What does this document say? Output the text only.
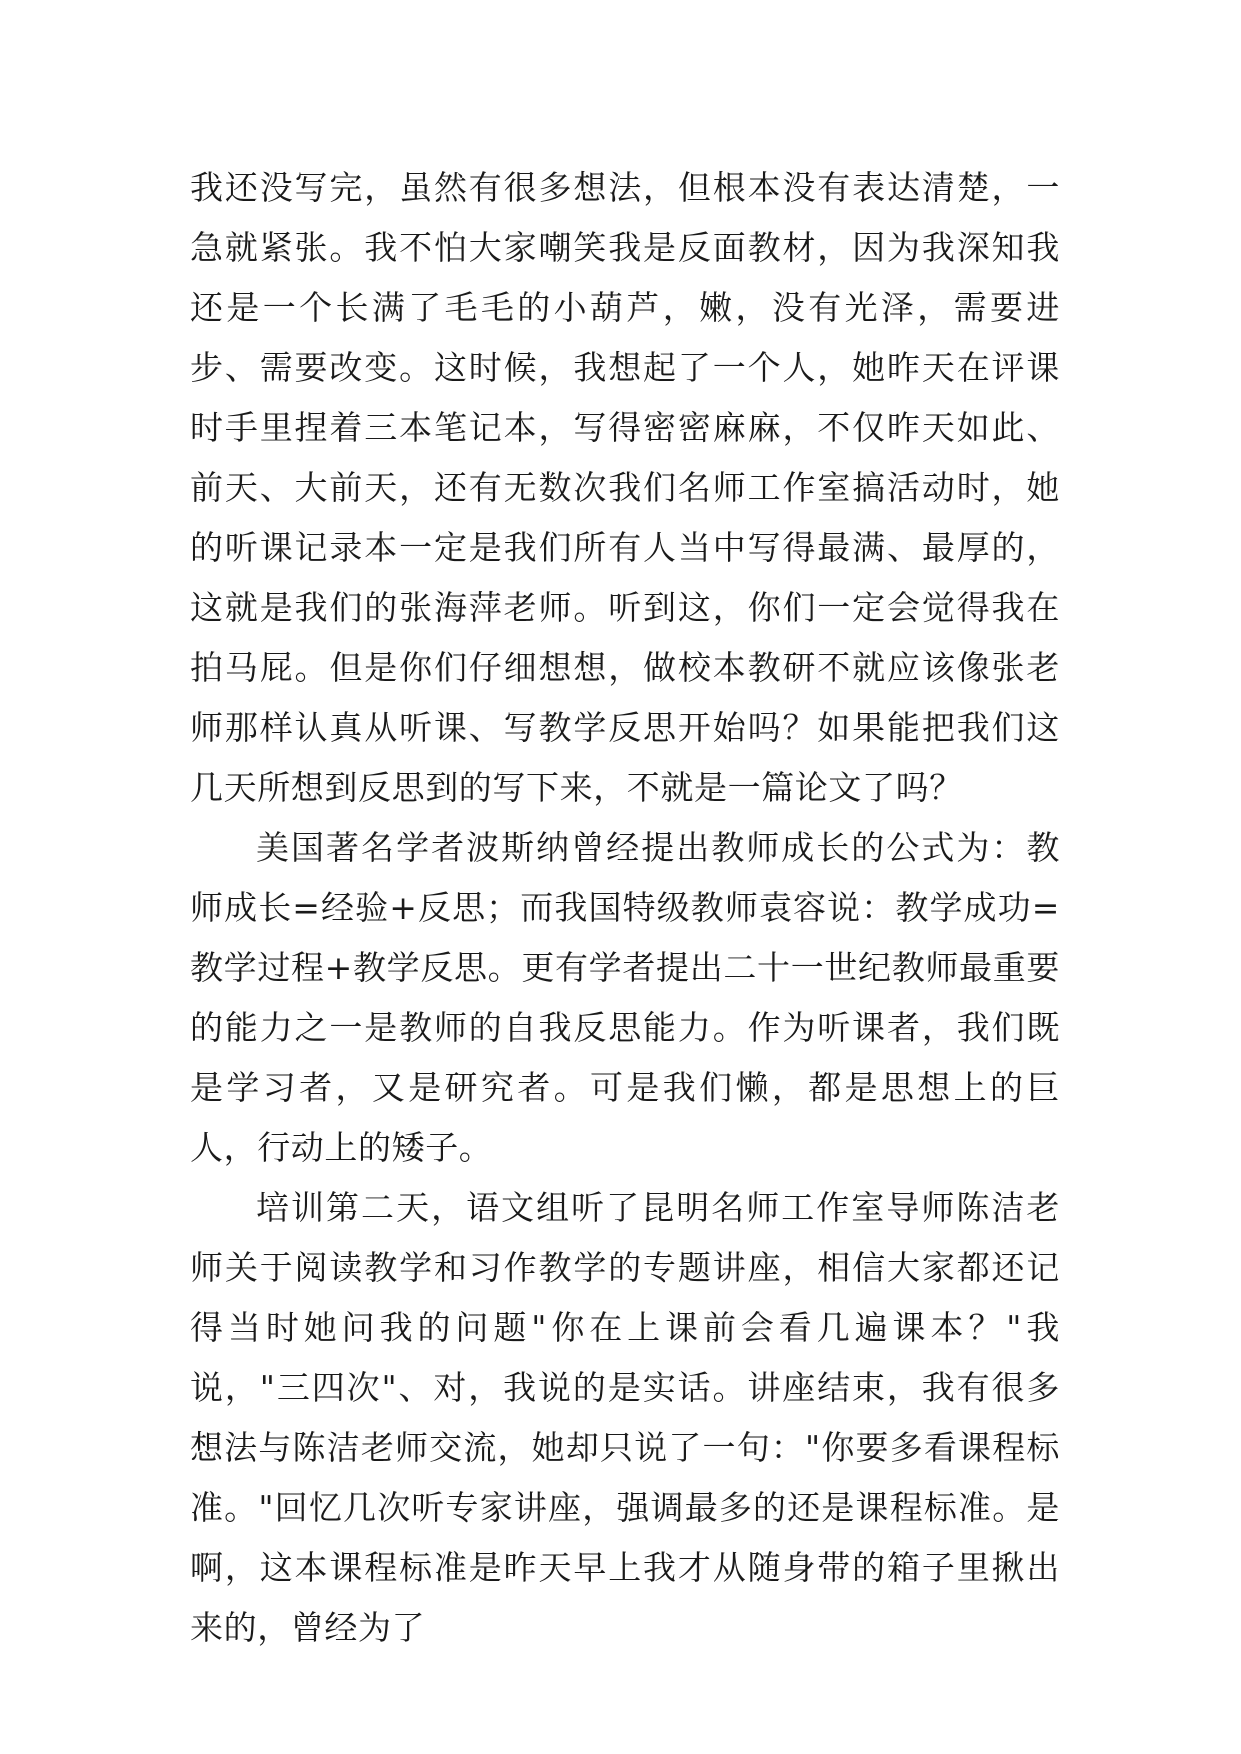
我还没写完，虽然有很多想法，但根本没有表达清楚，一急就紧张。我不怕大家嘲笑我是反面教材，因为我深知我还是一个长满了毛毛的小葫芦，嫩，没有光泽，需要进步、需要改变。这时候，我想起了一个人，她昨天在评课时手里捏着三本笔记本，写得密密麻麻，不仅昨天如此、前天、大前天，还有无数次我们名师工作室搞活动时，她的听课记录本一定是我们所有人当中写得最满、最厚的，这就是我们的张海萍老师。听到这，你们一定会觉得我在拍马屁。但是你们仔细想想，做校本教研不就应该像张老师那样认真从听课、写教学反思开始吗？如果能把我们这几天所想到反思到的写下来，不就是一篇论文了吗？

美国著名学者波斯纳曾经提出教师成长的公式为：教师成长=经验+反思；而我国特级教师袁容说：教学成功=教学过程+教学反思。更有学者提出二十一世纪教师最重要的能力之一是教师的自我反思能力。作为听课者，我们既是学习者，又是研究者。可是我们懒，都是思想上的巨人，行动上的矮子。

培训第二天，语文组听了昆明名师工作室导师陈洁老师关于阅读教学和习作教学的专题讲座，相信大家都还记得当时她问我的问题"你在上课前会看几遍课本？"我说，"三四次"、对，我说的是实话。讲座结束，我有很多想法与陈洁老师交流，她却只说了一句："你要多看课程标准。"回忆几次听专家讲座，强调最多的还是课程标准。是啊，这本课程标准是昨天早上我才从随身带的箱子里揪出来的，曾经为了
